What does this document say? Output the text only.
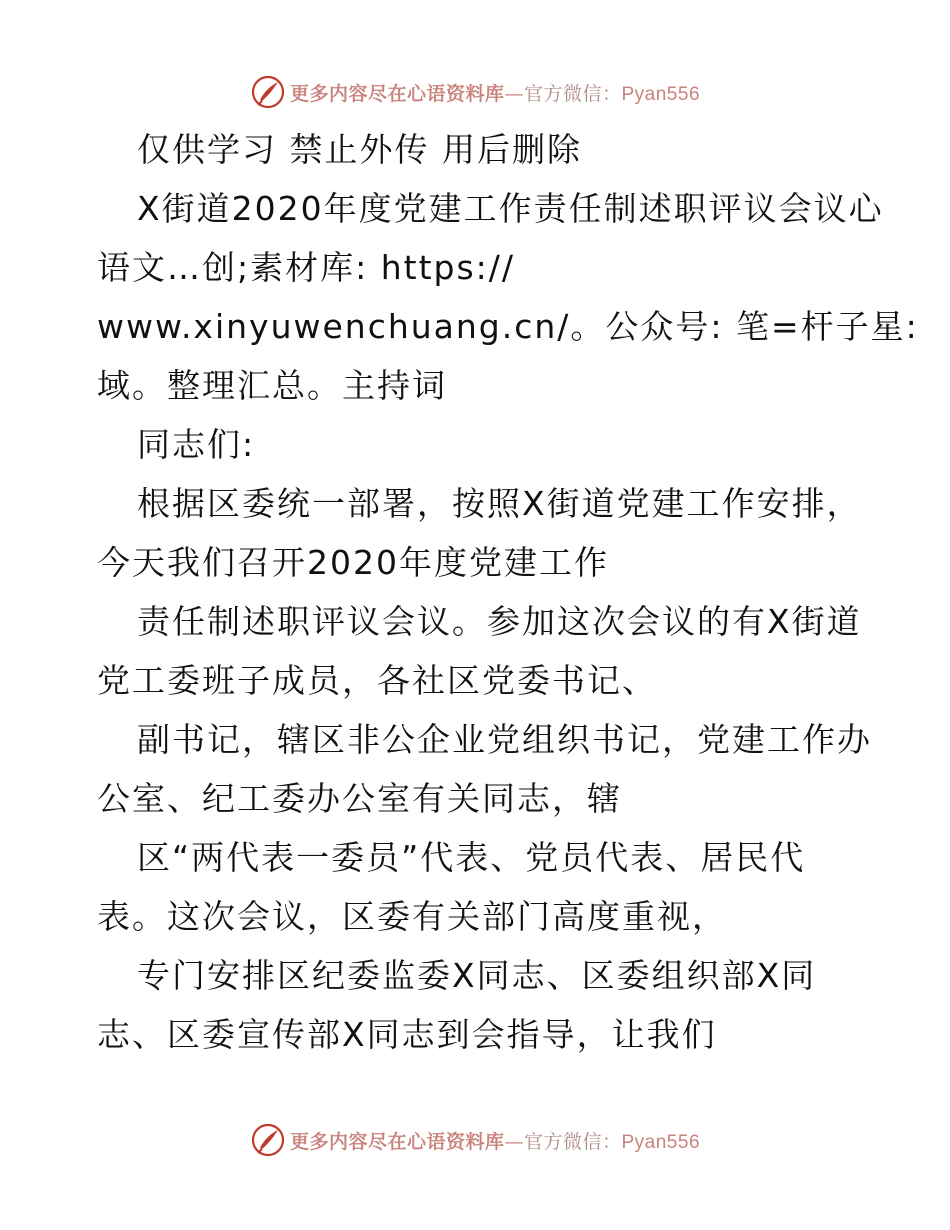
更多内容尽在心语资料库—官方微信：Pyan556
仅供学习 禁止外传 用后删除
X街道2020年度党建工作责任制述职评议会议心
语文…创;素材库: https://
www.xinyuwenchuang.cn/。公众号: 笔=杆子星:
域。整理汇总。主持词
同志们:
根据区委统一部署，按照X街道党建工作安排，
今天我们召开2020年度党建工作
责任制述职评议会议。参加这次会议的有X街道
党工委班子成员，各社区党委书记、
副书记，辖区非公企业党组织书记，党建工作办
公室、纪工委办公室有关同志，辖
区“两代表一委员”代表、党员代表、居民代
表。这次会议，区委有关部门高度重视，
专门安排区纪委监委X同志、区委组织部X同
志、区委宣传部X同志到会指导，让我们
更多内容尽在心语资料库—官方微信：Pyan556
